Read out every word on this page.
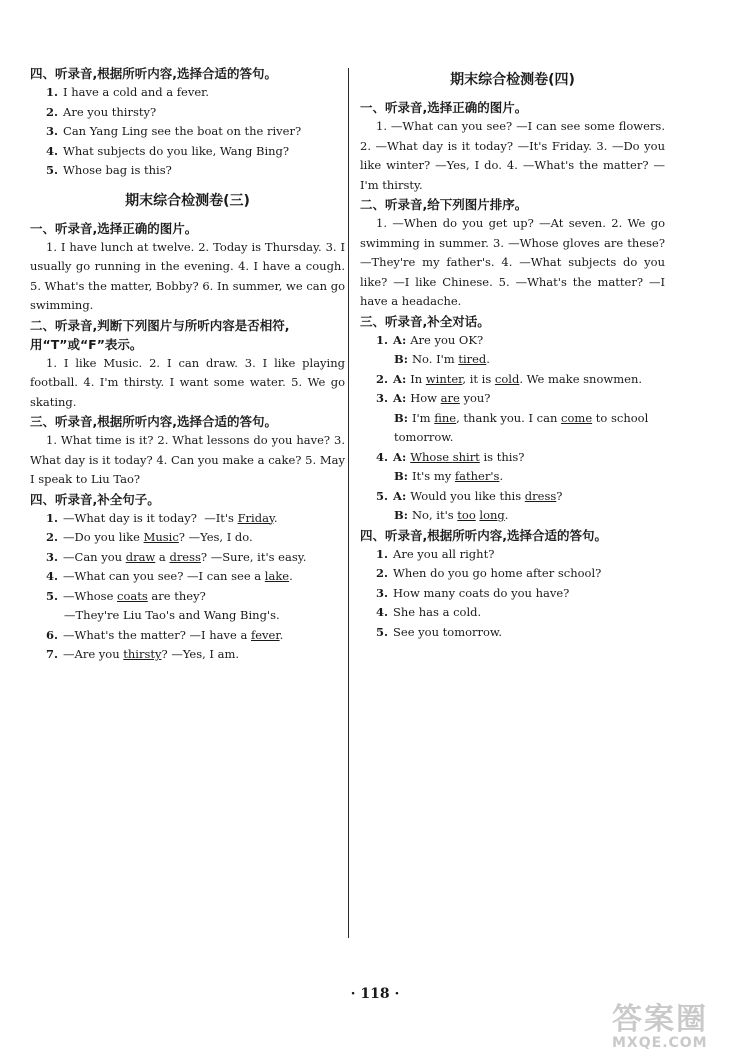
四、听录音,根据所听内容,选择合适的答句。

1. I have a cold and a fever.

2. Are you thirsty?

3. Can Yang Ling see the boat on the river?

4. What subjects do you like, Wang Bing?

5. Whose bag is this?

期末综合检测卷(三)

一、听录音,选择正确的图片。

1. I have lunch at twelve. 2. Today is Thursday. 3. I usually go running in the evening. 4. I have a cough. 5. What's the matter, Bobby? 6. In summer, we can go swimming.

二、听录音,判断下列图片与所听内容是否相符,用“T”或“F”表示。

1. I like Music. 2. I can draw. 3. I like playing football. 4. I'm thirsty. I want some water. 5. We go skating.

三、听录音,根据所听内容,选择合适的答句。

1. What time is it? 2. What lessons do you have? 3. What day is it today? 4. Can you make a cake? 5. May I speak to Liu Tao?

四、听录音,补全句子。

1. —What day is it today? —It's Friday.

2. —Do you like Music? —Yes, I do.

3. —Can you draw a dress? —Sure, it's easy.

4. —What can you see? —I can see a lake.

5. —Whose coats are they?

—They're Liu Tao's and Wang Bing's.

6. —What's the matter? —I have a fever.

7. —Are you thirsty? —Yes, I am.

期末综合检测卷(四)

一、听录音,选择正确的图片。

1. —What can you see? —I can see some flowers. 2. —What day is it today? —It's Friday. 3. —Do you like winter? —Yes, I do. 4. —What's the matter? —I'm thirsty.

二、听录音,给下列图片排序。

1. —When do you get up? —At seven. 2. We go swimming in summer. 3. —Whose gloves are these? —They're my father's. 4. —What subjects do you like? —I like Chinese. 5. —What's the matter? —I have a headache.

三、听录音,补全对话。

1. A: Are you OK?

B: No. I'm tired.

2. A: In winter, it is cold. We make snowmen.

3. A: How are you?

B: I'm fine, thank you. I can come to school tomorrow.

4. A: Whose shirt is this?

B: It's my father's.

5. A: Would you like this dress?

B: No, it's too long.

四、听录音,根据所听内容,选择合适的答句。

1. Are you all right?

2. When do you go home after school?

3. How many coats do you have?

4. She has a cold.

5. See you tomorrow.

· 118 ·
答案圈
MXQE.COM
